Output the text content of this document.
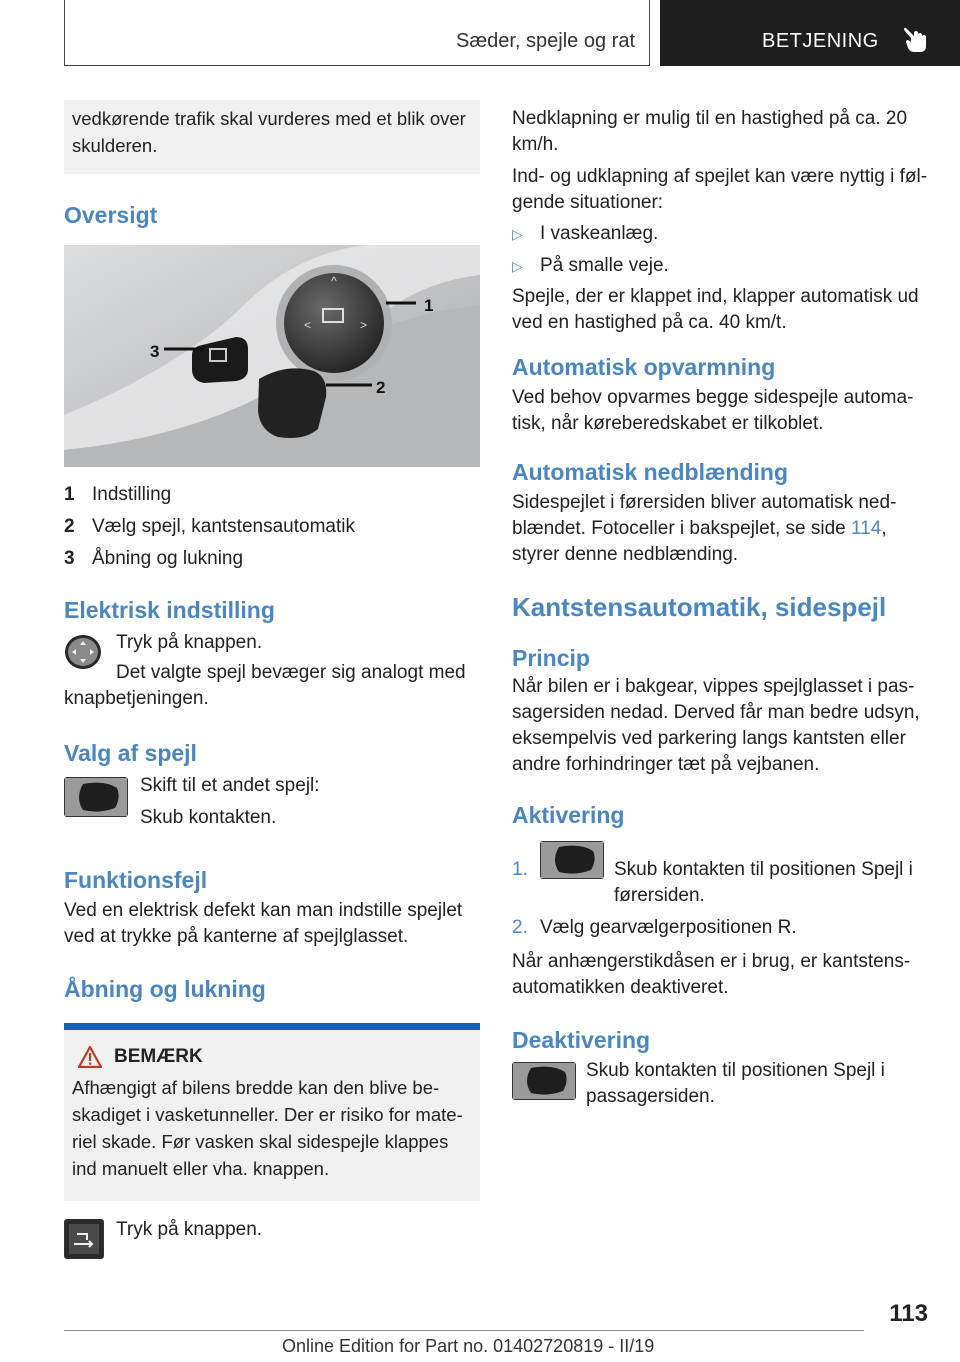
Sæder, spejle og rat	BETJENING
vedkørende trafik skal vurderes med et blik over skulderen.
Oversigt
^
<	>
1
2
3
1 Indstilling
2 Vælg spejl, kantstensautomatik
3 Åbning og lukning
Elektrisk indstilling

Tryk på knappen.

Det valgte spejl bevæger sig analogt med

knapbetjeningen.

Valg af spejl

Skift til et andet spejl:

Skub kontakten.

Funktionsfejl

Ved en elektrisk defekt kan man indstille spejlet ved at trykke på kanterne af spejlglasset.

Åbning og lukning
BEMÆRK

Afhængigt af bilens bredde kan den blive beskadiget i vasketunneller. Der er risiko for materiel skade. Før vasken skal sidespejle klappes ind manuelt eller vha. knappen.

Tryk på knappen.

Nedklapning er mulig til en hastighed på ca. 20 km/h.

Ind- og udklapning af spejlet kan være nyttig i følgende situationer:

▷ I vaskeanlæg.
▷ På smalle veje.

Spejle, der er klappet ind, klapper automatisk ud ved en hastighed på ca. 40 km/t.

Automatisk opvarmning

Ved behov opvarmes begge sidespejle automatisk, når køreberedskabet er tilkoblet.

Automatisk nedblænding

Sidespejlet i førersiden bliver automatisk nedblændet. Fotoceller i bakspejlet, se side 114, styrer denne nedblænding.

Kantstensautomatik, sidespejl
Princip

Når bilen er i bakgear, vippes spejlglasset i passagersiden nedad. Derved får man bedre udsyn, eksempelvis ved parkering langs kantsten eller andre forhindringer tæt på vejbanen.

Aktivering
1.	Skub kontakten til positionen Spejl i førersiden.
2. Vælg gearvælgerpositionen R.

Når anhængerstikdåsen er i brug, er kantstensautomatikken deaktiveret.

Deaktivering

Skub kontakten til positionen Spejl i passagersiden.

113
Online Edition for Part no. 01402720819 - II/19
